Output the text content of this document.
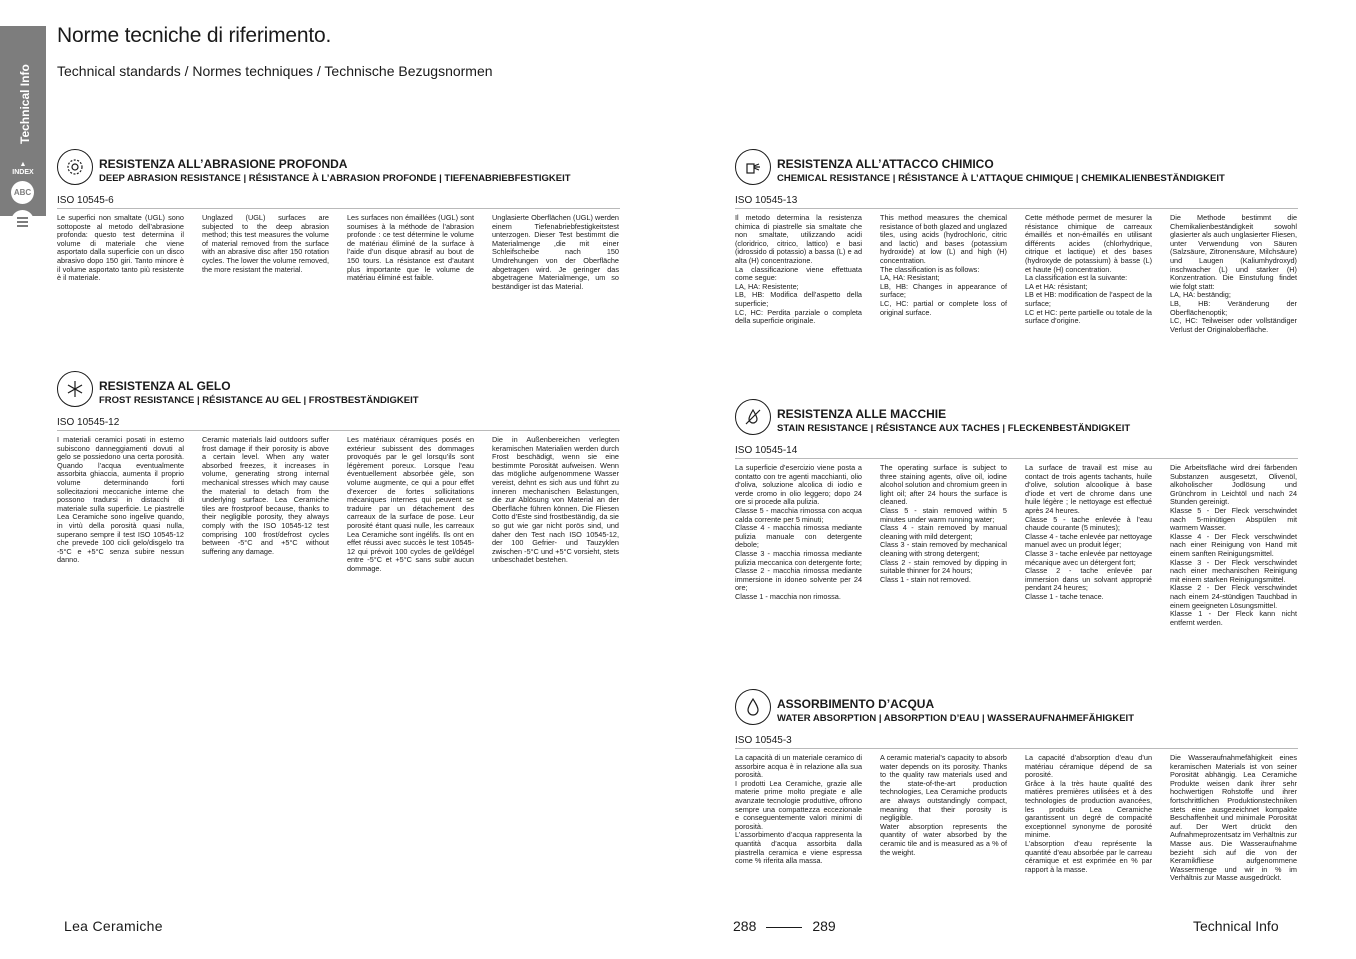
Technical Info
▲
INDEX
ABC
Norme tecniche di riferimento.
Technical standards / Normes techniques / Technische Bezugsnormen
RESISTENZA ALL’ABRASIONE PROFONDA
DEEP ABRASION RESISTANCE | RÉSISTANCE À L’ABRASION PROFONDE | TIEFENABRIEBFESTIGKEIT
ISO 10545-6

Le superfici non smaltate (UGL) sono sottoposte al metodo dell’abrasione profonda: questo test determina il volume di materiale che viene asportato dalla superficie con un disco abrasivo dopo 150 giri. Tanto minore è il volume asportato tanto più resistente è il materiale.

Unglazed (UGL) surfaces are subjected to the deep abrasion method; this test measures the volume of material removed from the surface with an abrasive disc after 150 rotation cycles. The lower the volume removed, the more resistant the material.

Les surfaces non émaillées (UGL) sont soumises à la méthode de l’abrasion profonde : ce test détermine le volume de matériau éliminé de la surface à l’aide d’un disque abrasif au bout de 150 tours. La résistance est d’autant plus importante que le volume de matériau éliminé est faible.

Unglasierte Oberflächen (UGL) werden einem Tiefenabriebfestigkeitstest unterzogen. Dieser Test bestimmt die Materialmenge ,die mit einer Schleifscheibe nach 150 Umdrehungen von der Oberfläche abgetragen wird. Je geringer das abgetragene Materialmenge, um so beständiger ist das Material.

RESISTENZA AL GELO
FROST RESISTANCE | RÉSISTANCE AU GEL | FROSTBESTÄNDIGKEIT
ISO 10545-12

I materiali ceramici posati in esterno subiscono danneggiamenti dovuti al gelo se possiedono una certa porosità. Quando l’acqua eventualmente assorbita ghiaccia, aumenta il proprio volume determinando forti sollecitazioni meccaniche interne che possono tradursi in distacchi di materiale sulla superficie. Le piastrelle Lea Ceramiche sono ingelive quando, in virtù della porosità quasi nulla, superano sempre il test ISO 10545-12 che prevede 100 cicli gelo/disgelo tra -5°C e +5°C senza subire nessun danno.

Ceramic materials laid outdoors suffer frost damage if their porosity is above a certain level. When any water absorbed freezes, it increases in volume, generating strong internal mechanical stresses which may cause the material to detach from the underlying surface. Lea Ceramiche tiles are frostproof because, thanks to their negligible porosity, they always comply with the ISO 10545-12 test comprising 100 frost/defrost cycles between -5°C and +5°C without suffering any damage.

Les matériaux céramiques posés en extérieur subissent des dommages provoqués par le gel lorsqu’ils sont légèrement poreux. Lorsque l’eau éventuellement absorbée gèle, son volume augmente, ce qui a pour effet d’exercer de fortes sollicitations mécaniques internes qui peuvent se traduire par un détachement des carreaux de la surface de pose. Leur porosité étant quasi nulle, les carreaux Lea Ceramiche sont ingélifs. Ils ont en effet réussi avec succès le test 10545-12 qui prévoit 100 cycles de gel/dégel entre -5°C et +5°C sans subir aucun dommage.

Die in Außenbereichen verlegten keramischen Materialien werden durch Frost beschädigt, wenn sie eine bestimmte Porosität aufweisen. Wenn das mögliche aufgenommene Wasser vereist, dehnt es sich aus und führt zu inneren mechanischen Belastungen, die zur Ablösung von Material an der Oberfläche führen können. Die Fliesen Cotto d’Este sind frostbeständig, da sie so gut wie gar nicht porös sind, und daher den Test nach ISO 10545-12, der 100 Gefrier- und Tauzyklen zwischen -5°C und +5°C vorsieht, stets unbeschadet bestehen.

RESISTENZA ALL’ATTACCO CHIMICO
CHEMICAL RESISTANCE | RÉSISTANCE À L’ATTAQUE CHIMIQUE | CHEMIKALIENBESTÄNDIGKEIT
ISO 10545-13

Il metodo determina la resistenza chimica di piastrelle sia smaltate che non smaltate, utilizzando acidi (cloridrico, citrico, lattico) e basi (idrossido di potassio) a bassa (L) e ad alta (H) concentrazione.

La classificazione viene effettuata come segue:

LA, HA: Resistente;

LB, HB: Modifica dell’aspetto della superficie;

LC, HC: Perdita parziale o completa della superficie originale.

This method measures the chemical resistance of both glazed and unglazed tiles, using acids (hydrochloric, citric and lactic) and bases (potassium hydroxide) at low (L) and high (H) concentration.

The classification is as follows:

LA, HA: Resistant;

LB, HB: Changes in appearance of surface;

LC, HC: partial or complete loss of original surface.

Cette méthode permet de mesurer la résistance chimique de carreaux émaillés et non-émaillés en utilisant différents acides (chlorhydrique, citrique et lactique) et des bases (hydroxyde de potassium) à basse (L) et haute (H) concentration.

La classification est la suivante:

LA et HA: résistant;

LB et HB: modification de l’aspect de la surface;

LC et HC: perte partielle ou totale de la surface d’origine.

Die Methode bestimmt die Chemikalienbeständigkeit sowohl glasierter als auch unglasierter Fliesen, unter Verwendung von Säuren (Salzsäure, Zitronensäure, Milchsäure) und Laugen (Kaliumhydroxyd) inschwacher (L) und starker (H) Konzentration. Die Einstufung findet wie folgt statt:

LA, HA: beständig;

LB, HB: Veränderung der Oberflächenoptik;

LC, HC: Teilweiser oder vollständiger Verlust der Originaloberfläche.

RESISTENZA ALLE MACCHIE
STAIN RESISTANCE | RÉSISTANCE AUX TACHES | FLECKENBESTÄNDIGKEIT
ISO 10545-14

La superficie d’esercizio viene posta a contatto con tre agenti macchianti, olio d’oliva, soluzione alcolica di iodio e verde cromo in olio leggero; dopo 24 ore si procede alla pulizia.

Classe 5 - macchia rimossa con acqua calda corrente per 5 minuti;

Classe 4 - macchia rimossa mediante pulizia manuale con detergente debole;

Classe 3 - macchia rimossa mediante pulizia meccanica con detergente forte;

Classe 2 - macchia rimossa mediante immersione in idoneo solvente per 24 ore;

Classe 1 - macchia non rimossa.

The operating surface is subject to three staining agents, olive oil, iodine alcohol solution and chromium green in light oil; after 24 hours the surface is cleaned.

Class 5 - stain removed within 5 minutes under warm running water;

Class 4 - stain removed by manual cleaning with mild detergent;

Class 3 - stain removed by mechanical cleaning with strong detergent;

Class 2 - stain removed by dipping in suitable thinner for 24 hours;

Class 1 - stain not removed.

La surface de travail est mise au contact de trois agents tachants, huile d’olive, solution alcoolique à base d’iode et vert de chrome dans une huile légère ; le nettoyage est effectué après 24 heures.

Classe 5 - tache enlevée à l’eau chaude courante (5 minutes);

Classe 4 - tache enlevée par nettoyage manuel avec un produit léger;

Classe 3 - tache enlevée par nettoyage mécanique avec un détergent fort;

Classe 2 - tache enlevée par immersion dans un solvant approprié pendant 24 heures;

Classe 1 - tache tenace.

Die Arbeitsfläche wird drei färbenden Substanzen ausgesetzt, Olivenöl, alkoholischer Jodlösung und Grünchrom in Leichtöl und nach 24 Stunden gereinigt.

Klasse 5 - Der Fleck verschwindet nach 5-minütigen Abspülen mit warmem Wasser.

Klasse 4 - Der Fleck verschwindet nach einer Reinigung von Hand mit einem sanften Reinigungsmittel.

Klasse 3 - Der Fleck verschwindet nach einer mechanischen Reinigung mit einem starken Reinigungsmittel.

Klasse 2 - Der Fleck verschwindet nach einem 24-stündigen Tauchbad in einem geeigneten Lösungsmittel.

Klasse 1 - Der Fleck kann nicht entfernt werden.

ASSORBIMENTO D’ACQUA
WATER ABSORPTION | ABSORPTION D’EAU | WASSERAUFNAHMEFÄHIGKEIT
ISO 10545-3

La capacità di un materiale ceramico di assorbire acqua è in relazione alla sua porosità.

I prodotti Lea Ceramiche, grazie alle materie prime molto pregiate e alle avanzate tecnologie produttive, offrono sempre una compattezza eccezionale e conseguentemente valori minimi di porosità.

L’assorbimento d’acqua rappresenta la quantità d’acqua assorbita dalla piastrella ceramica e viene espressa come % riferita alla massa.

A ceramic material’s capacity to absorb water depends on its porosity. Thanks to the quality raw materials used and the state-of-the-art production technologies, Lea Ceramiche products are always outstandingly compact, meaning that their porosity is negligible.

Water absorption represents the quantity of water absorbed by the ceramic tile and is measured as a % of the weight.

La capacité d’absorption d’eau d’un matériau céramique dépend de sa porosité.

Grâce à la très haute qualité des matières premières utilisées et à des technologies de production avancées, les produits Lea Ceramiche garantissent un degré de compacité exceptionnel synonyme de porosité minime.

L’absorption d’eau représente la quantité d’eau absorbée par le carreau céramique et est exprimée en % par rapport à la masse.

Die Wasseraufnahmefähigkeit eines keramischen Materials ist von seiner Porosität abhängig. Lea Ceramiche Produkte weisen dank ihrer sehr hochwertigen Rohstoffe und ihrer fortschrittlichen Produktionstechniken stets eine ausgezeichnet kompakte Beschaffenheit und minimale Porosität auf. Der Wert drückt den Aufnahmeprozentsatz im Verhältnis zur Masse aus. Die Wasseraufnahme bezieht sich auf die von der Keramikfliese aufgenommene Wassermenge und wir in % im Verhältnis zur Masse ausgedrückt.

Lea Ceramiche	288	289	Technical Info
